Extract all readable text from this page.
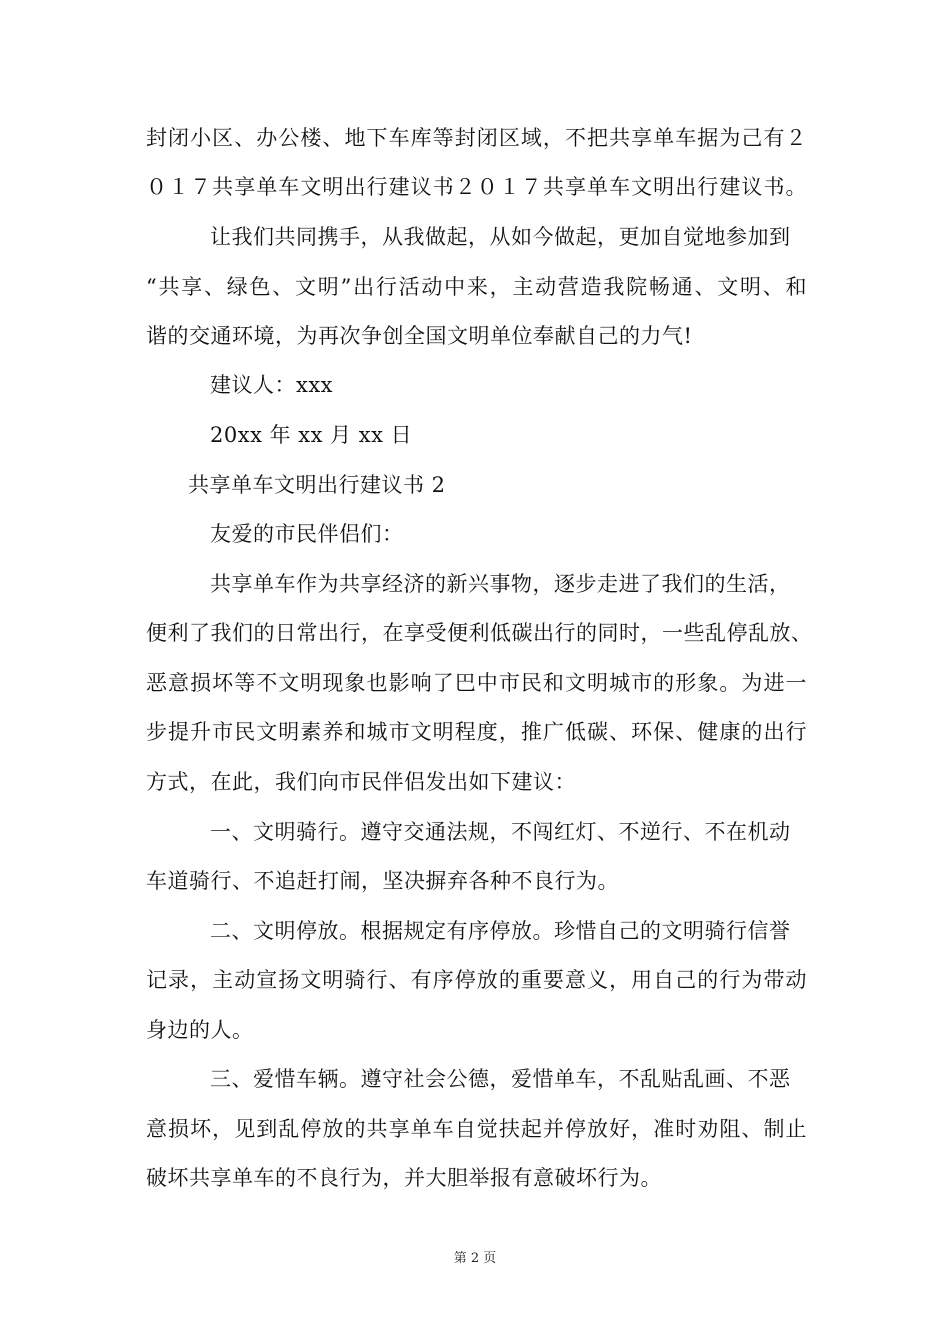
封闭小区、办公楼、地下车库等封闭区域，不把共享单车据为己有２
０１７共享单车文明出行建议书２０１７共享单车文明出行建议书。
让我们共同携手，从我做起，从如今做起，更加自觉地参加到
“共享、绿色、文明”出行活动中来，主动营造我院畅通、文明、和
谐的交通环境，为再次争创全国文明单位奉献自己的力气!
建议人：xxx
20xx 年 xx 月 xx 日
共享单车文明出行建议书 2
友爱的市民伴侣们：
共享单车作为共享经济的新兴事物，逐步走进了我们的生活，
便利了我们的日常出行，在享受便利低碳出行的同时，一些乱停乱放、
恶意损坏等不文明现象也影响了巴中市民和文明城市的形象。为进一
步提升市民文明素养和城市文明程度，推广低碳、环保、健康的出行
方式，在此，我们向市民伴侣发出如下建议：
一、文明骑行。遵守交通法规，不闯红灯、不逆行、不在机动
车道骑行、不追赶打闹，坚决摒弃各种不良行为。
二、文明停放。根据规定有序停放。珍惜自己的文明骑行信誉
记录，主动宣扬文明骑行、有序停放的重要意义，用自己的行为带动
身边的人。
三、爱惜车辆。遵守社会公德，爱惜单车，不乱贴乱画、不恶
意损坏，见到乱停放的共享单车自觉扶起并停放好，准时劝阻、制止
破坏共享单车的不良行为，并大胆举报有意破坏行为。
第 2 页
